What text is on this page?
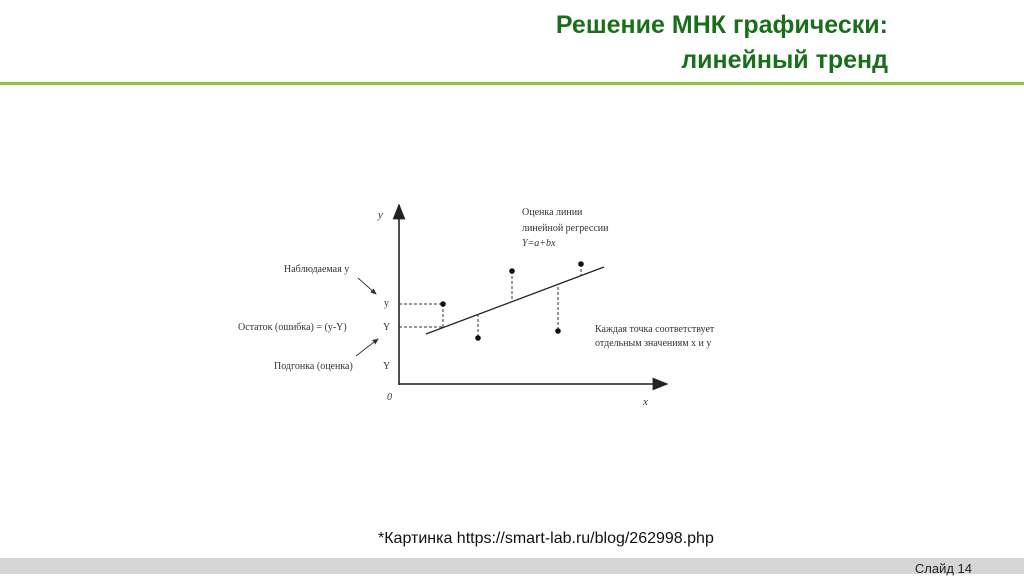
Решение МНК графически:
линейный тренд
y
x
0
Оценка линии
линейной регрессии
Y=a+bx
Наблюдаемая y
y
Остаток (ошибка) = (y-Y)	Y
Подгонка (оценка)	Y
Каждая точка соответствует
отдельным значениям x и y
*Картинка https://smart-lab.ru/blog/262998.php
Слайд 14
